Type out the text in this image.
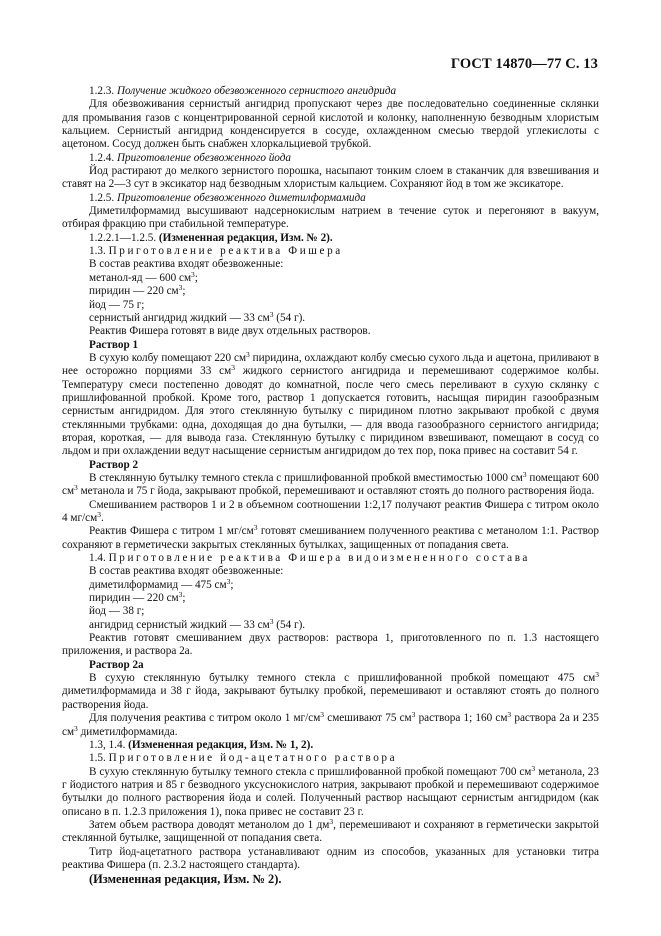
ГОСТ 14870—77 С. 13

1.2.3. Получение жидкого обезвоженного сернистого ангидрида

Для обезвоживания сернистый ангидрид пропускают через две последовательно соединенные склянки для промывания газов с концентрированной серной кислотой и колонку, наполненную безводным хлористым кальцием. Сернистый ангидрид конденсируется в сосуде, охлажденном смесью твердой углекислоты с ацетоном. Сосуд должен быть снабжен хлоркальциевой трубкой.

1.2.4. Приготовление обезвоженного йода

Йод растирают до мелкого зернистого порошка, насыпают тонким слоем в стаканчик для взвешивания и ставят на 2—3 сут в эксикатор над безводным хлористым кальцием. Сохраняют йод в том же эксикаторе.

1.2.5. Приготовление обезвоженного диметилформамида

Диметилформамид высушивают надсернокислым натрием в течение суток и перегоняют в вакуум, отбирая фракцию при стабильной температуре.

1.2.2.1—1.2.5. (Измененная редакция, Изм. № 2).

1.3. Приготовление реактива Фишера

В состав реактива входят обезвоженные:

метанол-яд — 600 $см^3$;

пиридин — 220 $см^3$;

йод — 75 г;

сернистый ангидрид жидкий — 33 $см^3$ (54 г).

Реактив Фишера готовят в виде двух отдельных растворов.

Раствор 1

В сухую колбу помещают 220 $см^3$ пиридина, охлаждают колбу смесью сухого льда и ацетона, приливают в нее осторожно порциями 33 $см^3$ жидкого сернистого ангидрида и перемешивают содержимое колбы. Температуру смеси постепенно доводят до комнатной, после чего смесь переливают в сухую склянку с пришлифованной пробкой. Кроме того, раствор 1 допускается готовить, насыщая пиридин газообразным сернистым ангидридом. Для этого стеклянную бутылку с пиридином плотно закрывают пробкой с двумя стеклянными трубками: одна, доходящая до дна бутылки, — для ввода газообразного сернистого ангидрида; вторая, короткая, — для вывода газа. Стеклянную бутылку с пиридином взвешивают, помещают в сосуд со льдом и при охлаждении ведут насыщение сернистым ангидридом до тех пор, пока привес на составит 54 г.

Раствор 2

В стеклянную бутылку темного стекла с пришлифованной пробкой вместимостью 1000 $см^3$ помещают 600 $см^3$ метанола и 75 г йода, закрывают пробкой, перемешивают и оставляют стоять до полного растворения йода.

Смешиванием растворов 1 и 2 в объемном соотношении 1:2,17 получают реактив Фишера с титром около 4 $мг/см^3$.

Реактив Фишера с титром 1 $мг/см^3$ готовят смешиванием полученного реактива с метанолом 1:1. Раствор сохраняют в герметически закрытых стеклянных бутылках, защищенных от попадания света.

1.4. Приготовление реактива Фишера видоизмененного состава

В состав реактива входят обезвоженные:

диметилформамид — 475 $см^3$;

пиридин — 220 $см^3$;

йод — 38 г;

ангидрид сернистый жидкий — 33 $см^3$ (54 г).

Реактив готовят смешиванием двух растворов: раствора 1, приготовленного по п. 1.3 настоящего приложения, и раствора 2а.

Раствор 2а

В сухую стеклянную бутылку темного стекла с пришлифованной пробкой помещают 475 $см^3$ диметилформамида и 38 г йода, закрывают бутылку пробкой, перемешивают и оставляют стоять до полного растворения йода.

Для получения реактива с титром около 1 $мг/см^3$ смешивают 75 $см^3$ раствора 1; 160 $см^3$ раствора 2а и 235 $см^3$ диметилформамида.

1.3, 1.4. (Измененная редакция, Изм. № 1, 2).

1.5. Приготовление йод-ацетатного раствора

В сухую стеклянную бутылку темного стекла с пришлифованной пробкой помещают 700 $см^3$ метанола, 23 г йодистого натрия и 85 г безводного уксуснокислого натрия, закрывают пробкой и перемешивают содержимое бутылки до полного растворения йода и солей. Полученный раствор насыщают сернистым ангидридом (как описано в п. 1.2.3 приложения 1), пока привес не составит 23 г.

Затем объем раствора доводят метанолом до 1 $дм^3$, перемешивают и сохраняют в герметически закрытой стеклянной бутылке, защищенной от попадания света.

Титр йод-ацетатного раствора устанавливают одним из способов, указанных для установки титра реактива Фишера (п. 2.3.2 настоящего стандарта).

(Измененная редакция, Изм. № 2).
